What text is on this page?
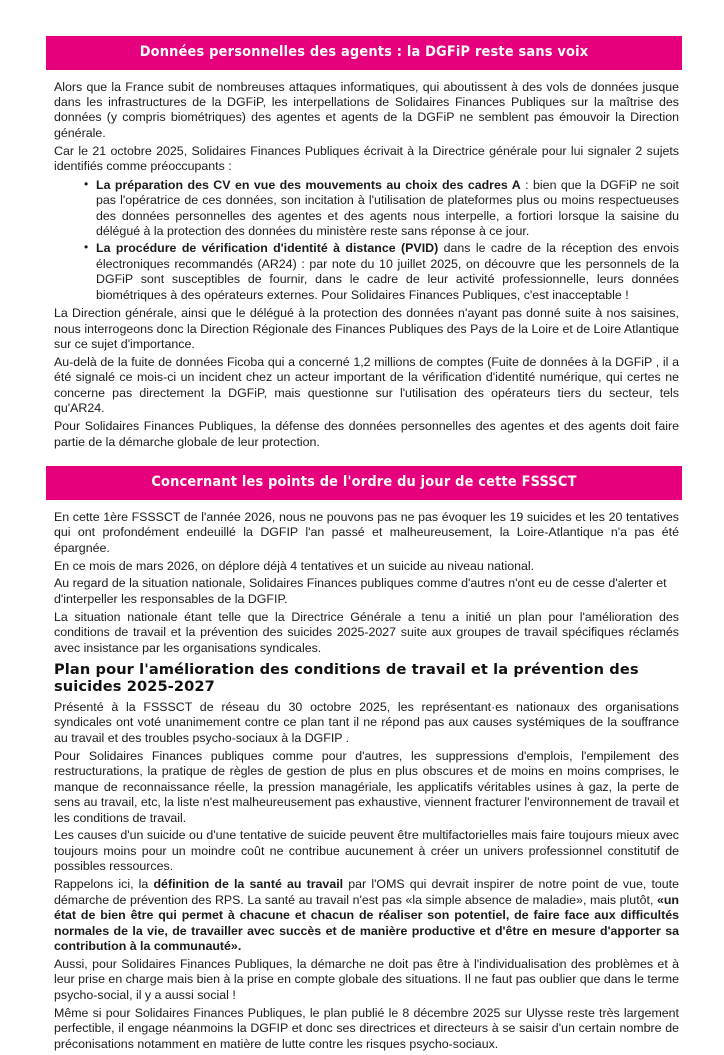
Données personnelles des agents : la DGFiP reste sans voix

Alors que la France subit de nombreuses attaques informatiques, qui aboutissent à des vols de données jusque dans les infrastructures de la DGFiP, les interpellations de Solidaires Finances Publiques sur la maîtrise des données (y compris biométriques) des agentes et agents de la DGFiP ne semblent pas émouvoir la Direction générale.

Car le 21 octobre 2025, Solidaires Finances Publiques écrivait à la Directrice générale pour lui signaler 2 sujets identifiés comme préoccupants :

• La préparation des CV en vue des mouvements au choix des cadres A : bien que la DGFiP ne soit pas l'opératrice de ces données, son incitation à l'utilisation de plateformes plus ou moins respectueuses des données personnelles des agentes et des agents nous interpelle, a fortiori lorsque la saisine du délégué à la protection des données du ministère reste sans réponse à ce jour.
• La procédure de vérification d'identité à distance (PVID) dans le cadre de la réception des envois électroniques recommandés (AR24) : par note du 10 juillet 2025, on découvre que les personnels de la DGFiP sont susceptibles de fournir, dans le cadre de leur activité professionnelle, leurs données biométriques à des opérateurs externes. Pour Solidaires Finances Publiques, c'est inacceptable !

La Direction générale, ainsi que le délégué à la protection des données n'ayant pas donné suite à nos saisines, nous interrogeons donc la Direction Régionale des Finances Publiques des Pays de la Loire et de Loire Atlantique sur ce sujet d'importance.

Au-delà de la fuite de données Ficoba qui a concerné 1,2 millions de comptes (Fuite de données à la DGFiP , il a été signalé ce mois-ci un incident chez un acteur important de la vérification d'identité numérique, qui certes ne concerne pas directement la DGFiP, mais questionne sur l'utilisation des opérateurs tiers du secteur, tels qu'AR24.

Pour Solidaires Finances Publiques, la défense des données personnelles des agentes et des agents doit faire partie de la démarche globale de leur protection.

Concernant les points de l'ordre du jour de cette FSSSCT

En cette 1ère FSSSCT de l'année 2026, nous ne pouvons pas ne pas évoquer les 19 suicides et les 20 tentatives qui ont profondément endeuillé la DGFIP l'an passé et malheureusement, la Loire-Atlantique n'a pas été épargnée.

En ce mois de mars 2026, on déplore déjà 4 tentatives et un suicide au niveau national.

Au regard de la situation nationale, Solidaires Finances publiques comme d'autres n'ont eu de cesse d'alerter et d'interpeller les responsables de la DGFIP.

La situation nationale étant telle que la Directrice Générale a tenu a initié un plan pour l'amélioration des conditions de travail et la prévention des suicides 2025-2027 suite aux groupes de travail spécifiques réclamés avec insistance par les organisations syndicales.

Plan pour l'amélioration des conditions de travail et la prévention des suicides 2025-2027

Présenté à la FSSSCT de réseau du 30 octobre 2025, les représentant·es nationaux des organisations syndicales ont voté unanimement contre ce plan tant il ne répond pas aux causes systémiques de la souffrance au travail et des troubles psycho-sociaux à la DGFIP .

Pour Solidaires Finances publiques comme pour d'autres, les suppressions d'emplois, l'empilement des restructurations, la pratique de règles de gestion de plus en plus obscures et de moins en moins comprises, le manque de reconnaissance réelle, la pression managériale, les applicatifs véritables usines à gaz, la perte de sens au travail, etc, la liste n'est malheureusement pas exhaustive, viennent fracturer l'environnement de travail et les conditions de travail.

Les causes d'un suicide ou d'une tentative de suicide peuvent être multifactorielles mais faire toujours mieux avec toujours moins pour un moindre coût ne contribue aucunement à créer un univers professionnel constitutif de possibles ressources.

Rappelons ici, la définition de la santé au travail par l'OMS qui devrait inspirer de notre point de vue, toute démarche de prévention des RPS. La santé au travail n'est pas «la simple absence de maladie», mais plutôt, «un état de bien être qui permet à chacune et chacun de réaliser son potentiel, de faire face aux difficultés normales de la vie, de travailler avec succès et de manière productive et d'être en mesure d'apporter sa contribution à la communauté».

Aussi, pour Solidaires Finances Publiques, la démarche ne doit pas être à l'individualisation des problèmes et à leur prise en charge mais bien à la prise en compte globale des situations. Il ne faut pas oublier que dans le terme psycho-social, il y a aussi social !

Même si pour Solidaires Finances Publiques, le plan publié le 8 décembre 2025 sur Ulysse reste très largement perfectible, il engage néanmoins la DGFIP et donc ses directrices et directeurs à se saisir d'un certain nombre de préconisations notamment en matière de lutte contre les risques psycho-sociaux.
